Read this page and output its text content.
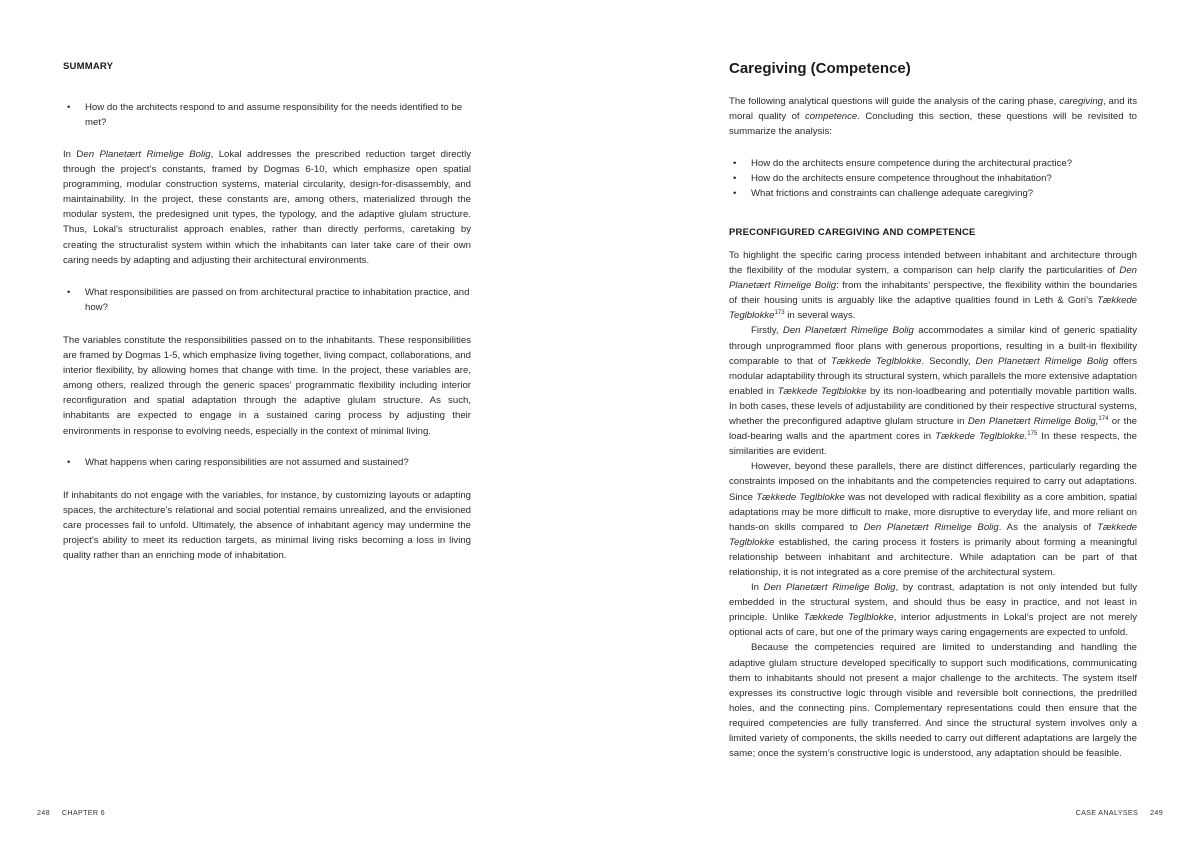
SUMMARY
• How do the architects respond to and assume responsibility for the needs identified to be met?

In Den Planetært Rimelige Bolig, Lokal addresses the prescribed reduction target directly through the project’s constants, framed by Dogmas 6-10, which emphasize open spatial programming, modular construction systems, material circularity, design-for-disassembly, and maintainability. In the project, these constants are, among others, materialized through the modular system, the predesigned unit types, the typology, and the adaptive glulam structure. Thus, Lokal’s structuralist approach enables, rather than directly performs, caretaking by creating the structuralist system within which the inhabitants can later take care of their own caring needs by adapting and adjusting their architectural environments.

• What responsibilities are passed on from architectural practice to inhabitation practice, and how?

The variables constitute the responsibilities passed on to the inhabitants. These responsibilities are framed by Dogmas 1-5, which emphasize living together, living compact, collaborations, and interior flexibility, by allowing homes that change with time. In the project, these variables are, among others, realized through the generic spaces’ programmatic flexibility including interior reconfiguration and spatial adaptation through the adaptive glulam structure. As such, inhabitants are expected to engage in a sustained caring process by adjusting their environments in response to evolving needs, especially in the context of minimal living.

• What happens when caring responsibilities are not assumed and sustained?

If inhabitants do not engage with the variables, for instance, by customizing layouts or adapting spaces, the architecture’s relational and social potential remains unrealized, and the envisioned care processes fail to unfold. Ultimately, the absence of inhabitant agency may undermine the project’s ability to meet its reduction targets, as minimal living risks becoming a loss in living quality rather than an enriching mode of inhabitation.

248 CHAPTER 6
Caregiving (Competence)

The following analytical questions will guide the analysis of the caring phase, caregiving, and its moral quality of competence. Concluding this section, these questions will be revisited to summarize the analysis:

• How do the architects ensure competence during the architectural practice?
• How do the architects ensure competence throughout the inhabitation?
• What frictions and constraints can challenge adequate caregiving?
PRECONFIGURED CAREGIVING AND COMPETENCE

To highlight the specific caring process intended between inhabitant and architecture through the flexibility of the modular system, a comparison can help clarify the particularities of Den Planetært Rimelige Bolig: from the inhabitants’ perspective, the flexibility within the boundaries of their housing units is arguably like the adaptive qualities found in Leth & Gori’s Tækkede Teglblokke$^{173}$ in several ways.

Firstly, Den Planetært Rimelige Bolig accommodates a similar kind of generic spatiality through unprogrammed floor plans with generous proportions, resulting in a built-in flexibility comparable to that of Tækkede Teglblokke. Secondly, Den Planetært Rimelige Bolig offers modular adaptability through its structural system, which parallels the more extensive adaptation enabled in Tækkede Teglblokke by its non-loadbearing and potentially movable partition walls. In both cases, these levels of adjustability are conditioned by their respective structural systems, whether the preconfigured adaptive glulam structure in Den Planetært Rimelige Bolig,$^{174}$ or the load-bearing walls and the apartment cores in Tækkede Teglblokke.$^{175}$ In these respects, the similarities are evident.

However, beyond these parallels, there are distinct differences, particularly regarding the constraints imposed on the inhabitants and the competencies required to carry out adaptations. Since Tækkede Teglblokke was not developed with radical flexibility as a core ambition, spatial adaptations may be more difficult to make, more disruptive to everyday life, and more reliant on hands-on skills compared to Den Planetært Rimelige Bolig. As the analysis of Tækkede Teglblokke established, the caring process it fosters is primarily about forming a meaningful relationship between inhabitant and architecture. While adaptation can be part of that relationship, it is not integrated as a core premise of the architectural system.

In Den Planetært Rimelige Bolig, by contrast, adaptation is not only intended but fully embedded in the structural system, and should thus be easy in practice, and not least in principle. Unlike Tækkede Teglblokke, interior adjustments in Lokal’s project are not merely optional acts of care, but one of the primary ways caring engagements are expected to unfold.

Because the competencies required are limited to understanding and handling the adaptive glulam structure developed specifically to support such modifications, communicating them to inhabitants should not present a major challenge to the architects. The system itself expresses its constructive logic through visible and reversible bolt connections, the predrilled holes, and the connecting pins. Complementary representations could then ensure that the required competencies are fully transferred. And since the structural system involves only a limited variety of components, the skills needed to carry out different adaptations are largely the same; once the system’s constructive logic is understood, any adaptation should be feasible.

CASE ANALYSES 249
